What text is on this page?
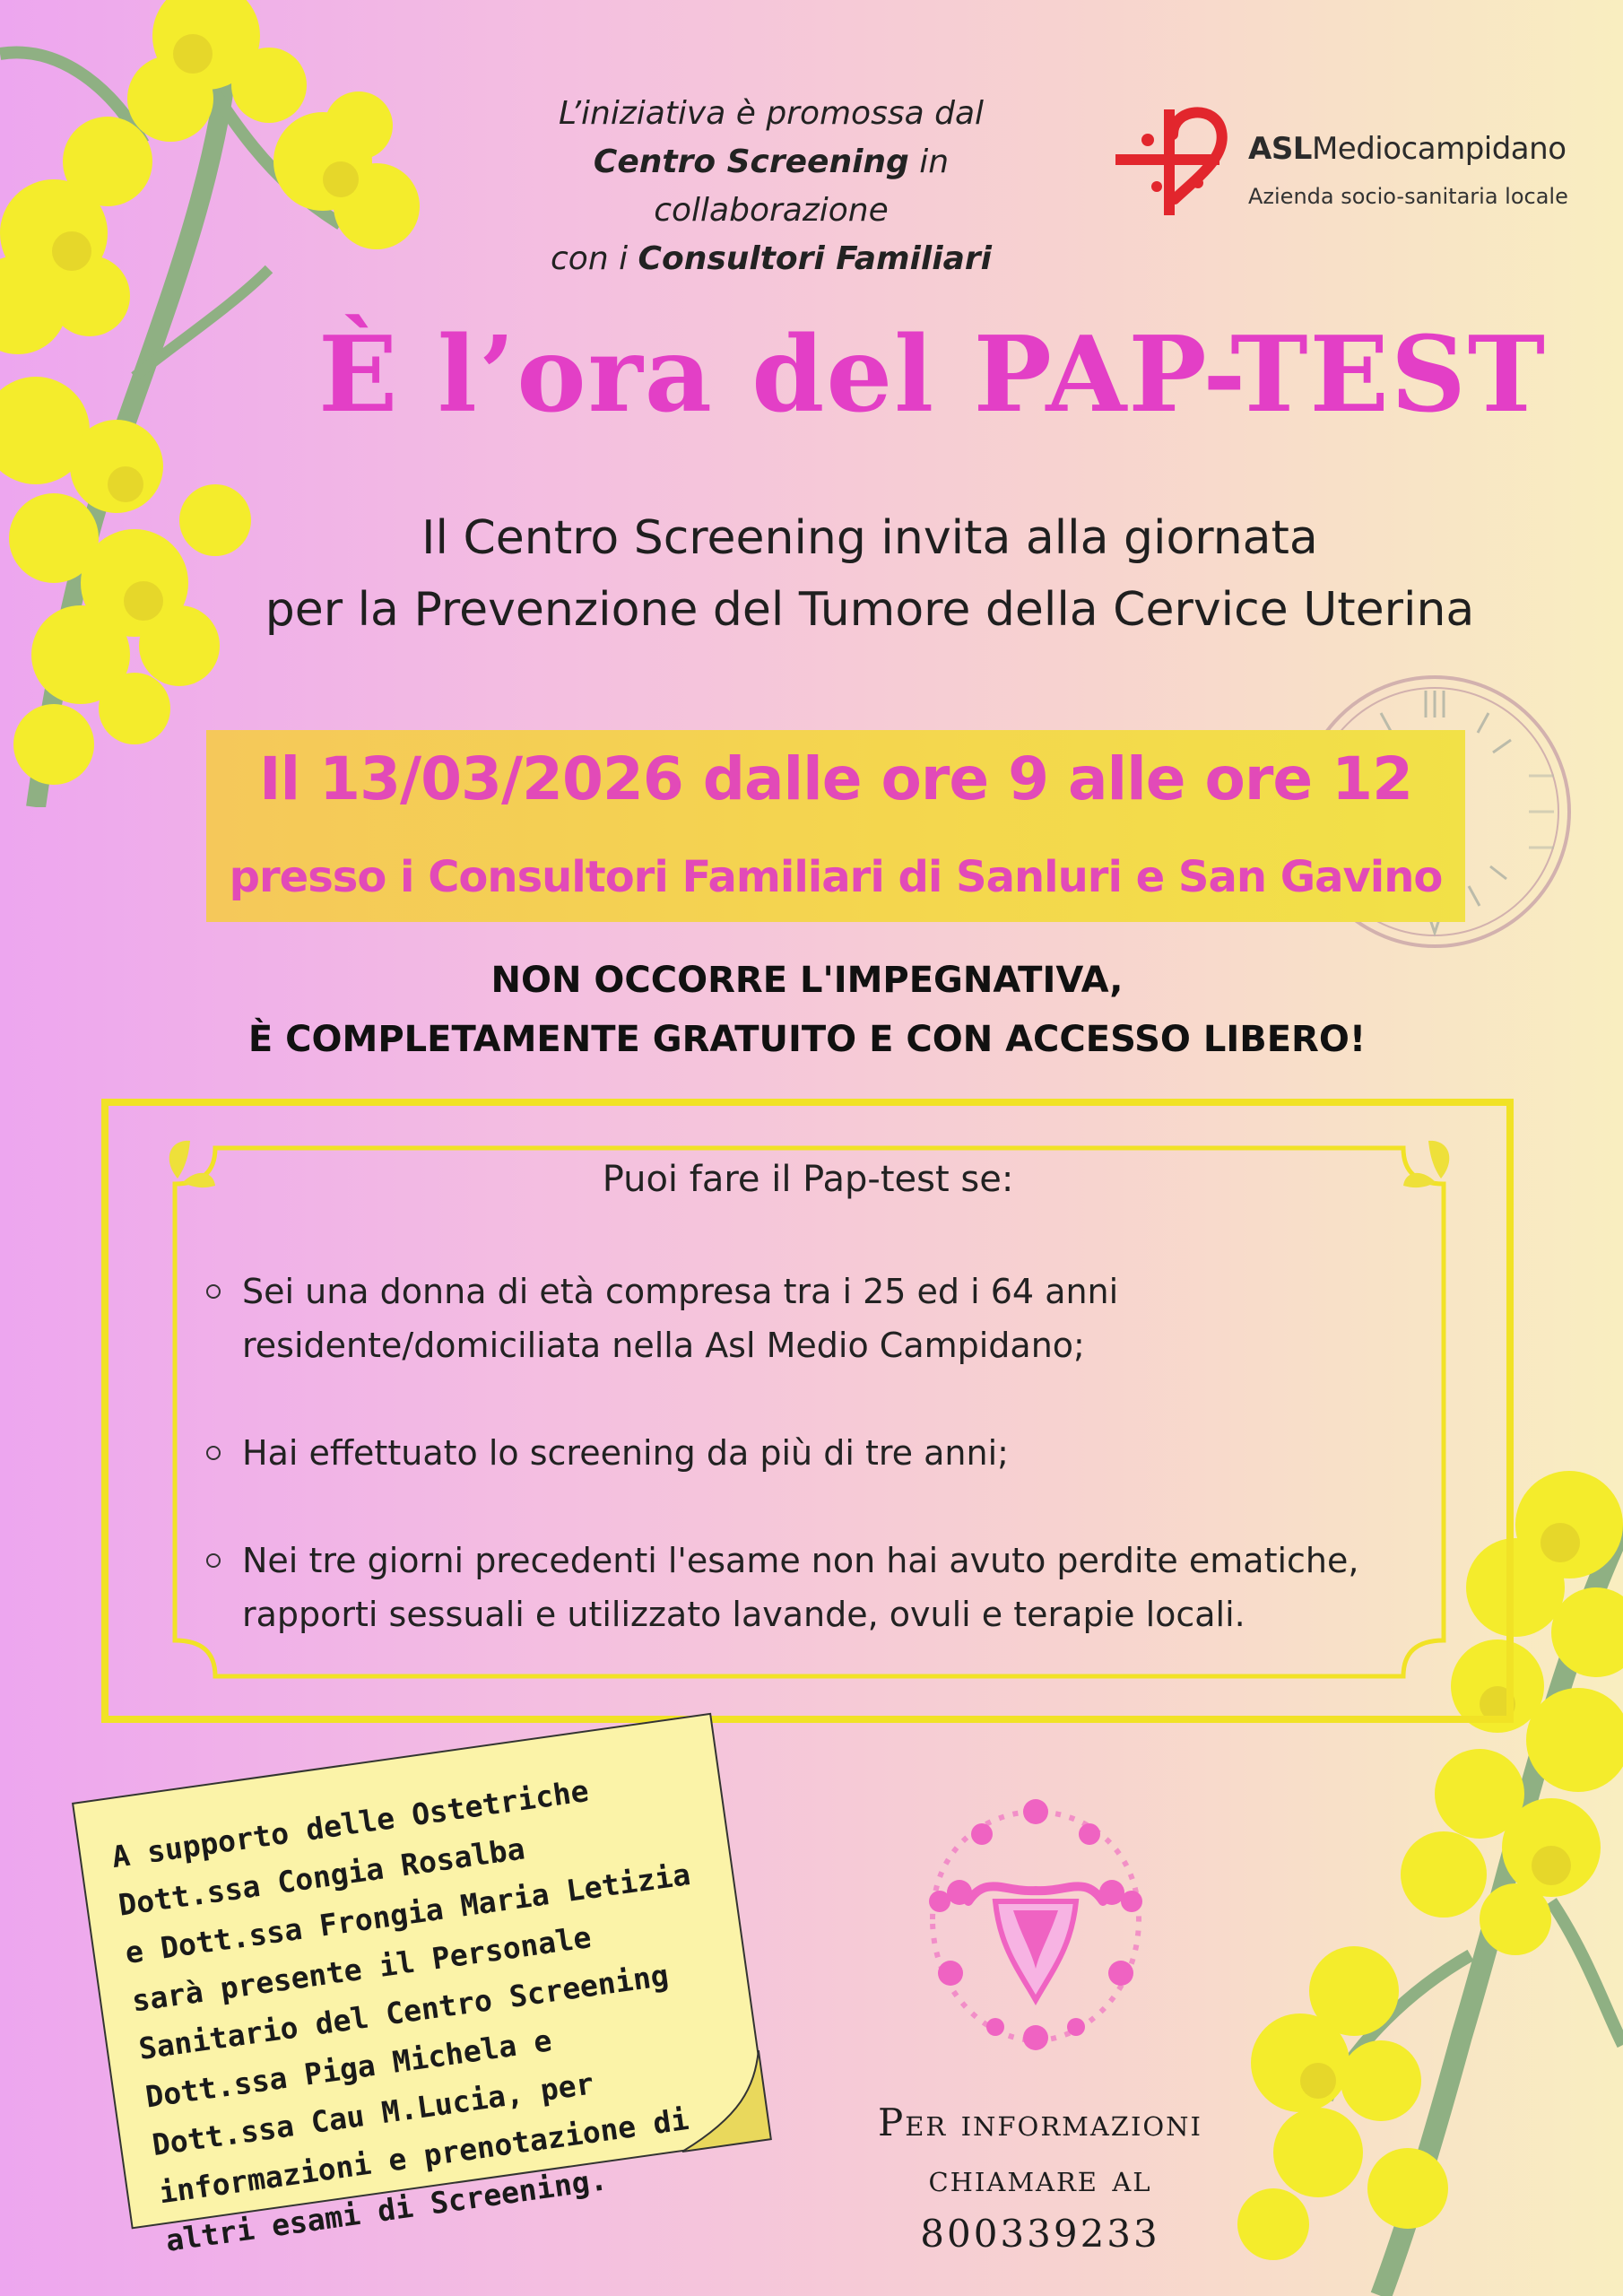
L’iniziativa è promossa dal
Centro Screening in collaborazione
con i Consultori Familiari
ASLMediocampidano
Azienda socio-sanitaria locale
È l’ora del PAP-TEST
Il Centro Screening invita alla giornata
per la Prevenzione del Tumore della Cervice Uterina
Il 13/03/2026 dalle ore 9 alle ore 12
presso i Consultori Familiari di Sanluri e San Gavino
NON OCCORRE L'IMPEGNATIVA,
È COMPLETAMENTE GRATUITO E CON ACCESSO LIBERO!
Puoi fare il Pap-test se:
Sei una donna di età compresa tra i 25 ed i 64 anni
residente/domiciliata nella Asl Medio Campidano;
Hai effettuato lo screening da più di tre anni;
Nei tre giorni precedenti l'esame non hai avuto perdite ematiche,
rapporti sessuali e utilizzato lavande, ovuli e terapie locali.
A supporto delle Ostetriche
Dott.ssa Congia Rosalba
e Dott.ssa Frongia Maria Letizia
sarà presente il Personale
Sanitario del Centro Screening
Dott.ssa Piga Michela e
Dott.ssa Cau M.Lucia, per
informazioni e prenotazione di
altri esami di Screening.
Per informazioni
chiamare al
800339233
